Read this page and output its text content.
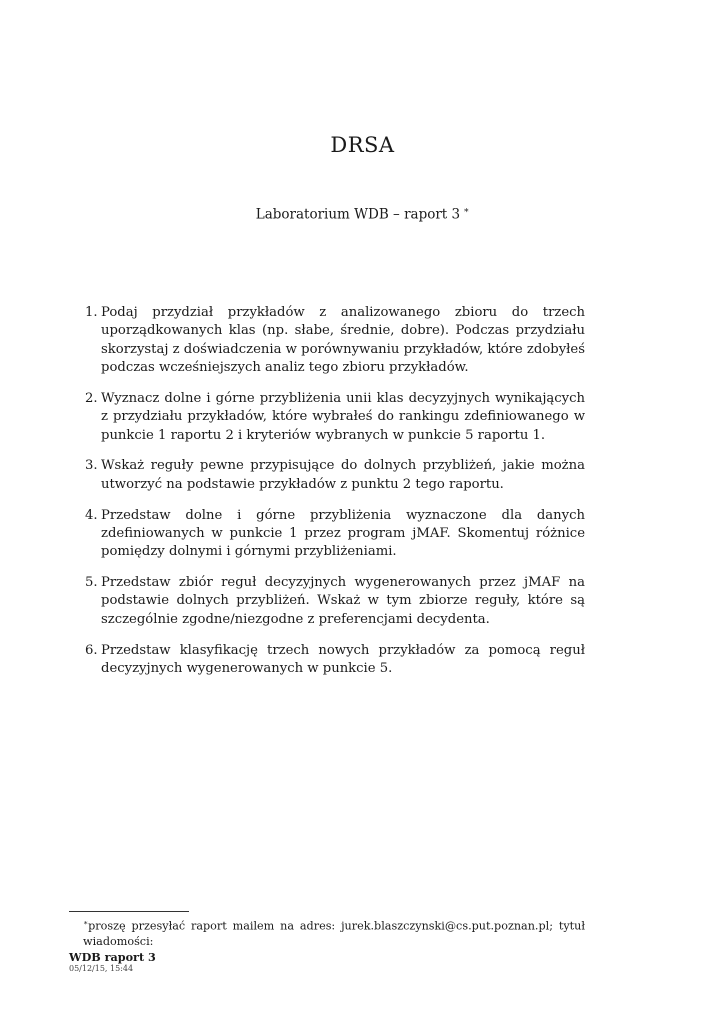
DRSA
Laboratorium WDB – raport 3 ∗
1. Podaj przydział przykładów z analizowanego zbioru do trzech uporządkowanych klas (np. słabe, średnie, dobre). Podczas przydziału skorzystaj z doświadczenia w porównywaniu przykładów, które zdobyłeś podczas wcześniejszych analiz tego zbioru przykładów.
2. Wyznacz dolne i górne przybliżenia unii klas decyzyjnych wynikających z przydziału przykładów, które wybrałeś do rankingu zdefiniowanego w punkcie 1 raportu 2 i kryteriów wybranych w punkcie 5 raportu 1.
3. Wskaż reguły pewne przypisujące do dolnych przybliżeń, jakie można utworzyć na podstawie przykładów z punktu 2 tego raportu.
4. Przedstaw dolne i górne przybliżenia wyznaczone dla danych zdefiniowanych w punkcie 1 przez program jMAF. Skomentuj różnice pomiędzy dolnymi i górnymi przybliżeniami.
5. Przedstaw zbiór reguł decyzyjnych wygenerowanych przez jMAF na podstawie dolnych przybliżeń. Wskaż w tym zbiorze reguły, które są szczególnie zgodne/niezgodne z preferencjami decydenta.
6. Przedstaw klasyfikację trzech nowych przykładów za pomocą reguł decyzyjnych wygenerowanych w punkcie 5.
∗proszę przesyłać raport mailem na adres: jurek.blaszczynski@cs.put.poznan.pl; tytuł wiadomości:
WDB raport 3
05/12/15, 15:44
